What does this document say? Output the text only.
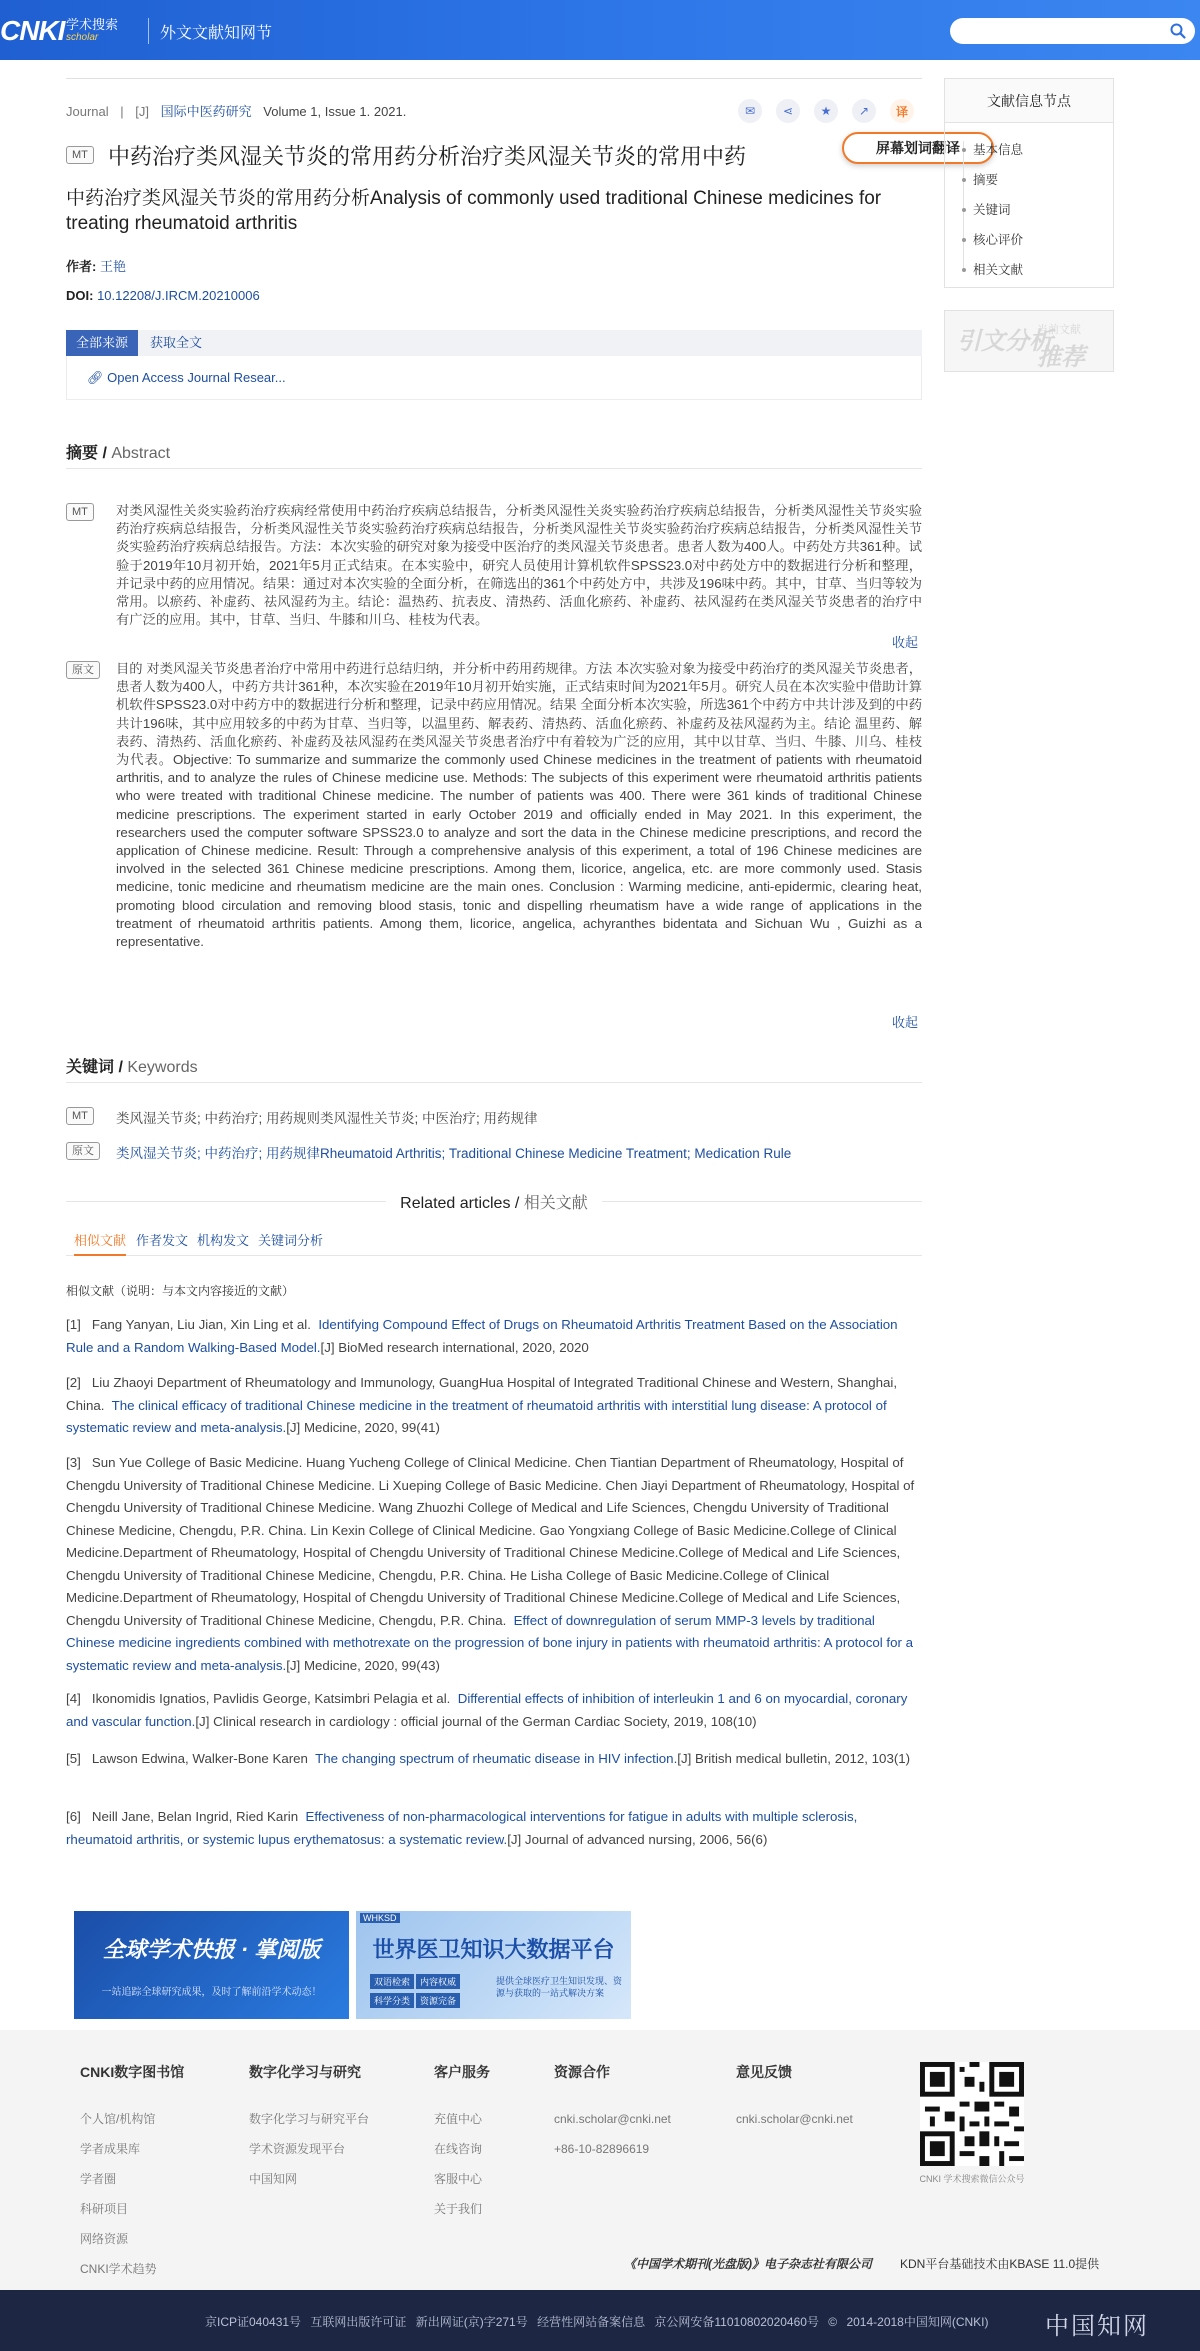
CNKI 学术搜索
scholar	外文文献知网节
Journal | [J] 国际中医药研究 Volume 1, Issue 1. 2021.	✉	⋖	★	↗	译
屏幕划词翻译
MT 中药治疗类风湿关节炎的常用药分析治疗类风湿关节炎的常用中药
中药治疗类风湿关节炎的常用药分析Analysis of commonly used traditional Chinese medicines for treating rheumatoid arthritis
作者: 王艳
DOI: 10.12208/J.IRCM.20210006
全部来源	获取全文
🔗︎ Open Access Journal Resear...
摘要 / Abstract
MT	对类风湿性关炎实验药治疗疾病经常使用中药治疗疾病总结报告，分析类风湿性关炎实验药治疗疾病总结报告，分析类风湿性关节炎实验药治疗疾病总结报告，分析类风湿性关节炎实验药治疗疾病总结报告，分析类风湿性关节炎实验药治疗疾病总结报告，分析类风湿性关节炎实验药治疗疾病总结报告。方法：本次实验的研究对象为接受中医治疗的类风湿关节炎患者。患者人数为400人。中药处方共361种。试验于2019年10月初开始，2021年5月正式结束。在本实验中，研究人员使用计算机软件SPSS23.0对中药处方中的数据进行分析和整理，并记录中药的应用情况。结果：通过对本次实验的全面分析，在筛选出的361个中药处方中，共涉及196味中药。其中，甘草、当归等较为常用。以瘀药、补虚药、祛风湿药为主。结论：温热药、抗表皮、清热药、活血化瘀药、补虚药、祛风湿药在类风湿关节炎患者的治疗中有广泛的应用。其中，甘草、当归、牛膝和川乌、桂枝为代表。
收起
原文	目的 对类风湿关节炎患者治疗中常用中药进行总结归纳，并分析中药用药规律。方法 本次实验对象为接受中药治疗的类风湿关节炎患者，患者人数为400人，中药方共计361种，本次实验在2019年10月初开始实施，正式结束时间为2021年5月。研究人员在本次实验中借助计算机软件SPSS23.0对中药方中的数据进行分析和整理，记录中药应用情况。结果 全面分析本次实验，所选361个中药方中共计涉及到的中药共计196味，其中应用较多的中药为甘草、当归等，以温里药、解表药、清热药、活血化瘀药、补虚药及祛风湿药为主。结论 温里药、解表药、清热药、活血化瘀药、补虚药及祛风湿药在类风湿关节炎患者治疗中有着较为广泛的应用，其中以甘草、当归、牛膝、川乌、桂枝为代表。Objective: To summarize and summarize the commonly used Chinese medicines in the treatment of patients with rheumatoid arthritis, and to analyze the rules of Chinese medicine use. Methods: The subjects of this experiment were rheumatoid arthritis patients who were treated with traditional Chinese medicine. The number of patients was 400. There were 361 kinds of traditional Chinese medicine prescriptions. The experiment started in early October 2019 and officially ended in May 2021. In this experiment, the researchers used the computer software SPSS23.0 to analyze and sort the data in the Chinese medicine prescriptions, and record the application of Chinese medicine. Result: Through a comprehensive analysis of this experiment, a total of 196 Chinese medicines are involved in the selected 361 Chinese medicine prescriptions. Among them, licorice, angelica, etc. are more commonly used. Stasis medicine, tonic medicine and rheumatism medicine are the main ones. Conclusion : Warming medicine, anti-epidermic, clearing heat, promoting blood circulation and removing blood stasis, tonic and dispelling rheumatism have a wide range of applications in the treatment of rheumatoid arthritis patients. Among them, licorice, angelica, achyranthes bidentata and Sichuan Wu , Guizhi as a representative.
收起
关键词 / Keywords
MT	类风湿关节炎; 中药治疗; 用药规则类风湿性关节炎; 中医治疗; 用药规律
原文	类风湿关节炎; 中药治疗; 用药规律Rheumatoid Arthritis; Traditional Chinese Medicine Treatment; Medication Rule
Related articles / 相关文献
相似文献 作者发文 机构发文 关键词分析
相似文献（说明：与本文内容接近的文献）
[1] Fang Yanyan, Liu Jian, Xin Ling et al. Identifying Compound Effect of Drugs on Rheumatoid Arthritis Treatment Based on the Association Rule and a Random Walking-Based Model.[J] BioMed research international, 2020, 2020
[2] Liu Zhaoyi Department of Rheumatology and Immunology, GuangHua Hospital of Integrated Traditional Chinese and Western, Shanghai, China. The clinical efficacy of traditional Chinese medicine in the treatment of rheumatoid arthritis with interstitial lung disease: A protocol of systematic review and meta-analysis.[J] Medicine, 2020, 99(41)
[3] Sun Yue College of Basic Medicine. Huang Yucheng College of Clinical Medicine. Chen Tiantian Department of Rheumatology, Hospital of Chengdu University of Traditional Chinese Medicine. Li Xueping College of Basic Medicine. Chen Jiayi Department of Rheumatology, Hospital of Chengdu University of Traditional Chinese Medicine. Wang Zhuozhi College of Medical and Life Sciences, Chengdu University of Traditional Chinese Medicine, Chengdu, P.R. China. Lin Kexin College of Clinical Medicine. Gao Yongxiang College of Basic Medicine.College of Clinical Medicine.Department of Rheumatology, Hospital of Chengdu University of Traditional Chinese Medicine.College of Medical and Life Sciences, Chengdu University of Traditional Chinese Medicine, Chengdu, P.R. China. He Lisha College of Basic Medicine.College of Clinical Medicine.Department of Rheumatology, Hospital of Chengdu University of Traditional Chinese Medicine.College of Medical and Life Sciences, Chengdu University of Traditional Chinese Medicine, Chengdu, P.R. China. Effect of downregulation of serum MMP-3 levels by traditional Chinese medicine ingredients combined with methotrexate on the progression of bone injury in patients with rheumatoid arthritis: A protocol for a systematic review and meta-analysis.[J] Medicine, 2020, 99(43)
[4] Ikonomidis Ignatios, Pavlidis George, Katsimbri Pelagia et al. Differential effects of inhibition of interleukin 1 and 6 on myocardial, coronary and vascular function.[J] Clinical research in cardiology : official journal of the German Cardiac Society, 2019, 108(10)
[5] Lawson Edwina, Walker-Bone Karen The changing spectrum of rheumatic disease in HIV infection.[J] British medical bulletin, 2012, 103(1)
[6] Neill Jane, Belan Ingrid, Ried Karin Effectiveness of non-pharmacological interventions for fatigue in adults with multiple sclerosis, rheumatoid arthritis, or systemic lupus erythematosus: a systematic review.[J] Journal of advanced nursing, 2006, 56(6)
全球学术快报 · 掌阅版
一站追踪全球研究成果，及时了解前沿学术动态！
WHKSD
世界医卫知识大数据平台
双语检索 内容权威科学分类 资源完备
提供全球医疗卫生知识发现、资源与获取的一站式解决方案
文献信息节点
基本信息
摘要
关键词
核心评价
相关文献
引文分析
当前文献
推荐
CNKI数字图书馆

个人馆/机构馆

学者成果库

学者圈

科研项目

网络资源

CNKI学术趋势

数字化学习与研究

数字化学习与研究平台

学术资源发现平台

中国知网

客户服务

充值中心

在线咨询

客服中心

关于我们

资源合作

cnki.scholar@cnki.net

+86-10-82896619

意见反馈

cnki.scholar@cnki.net

CNKI 学术搜索微信公众号
《中国学术期刊(光盘版)》电子杂志社有限公司 KDN平台基础技术由KBASE 11.0提供
京ICP证040431号 互联网出版许可证 新出网证(京)字271号 经营性网站备案信息 京公网安备11010802020460号 © 2014-2018中国知网(CNKI) 中国知网
